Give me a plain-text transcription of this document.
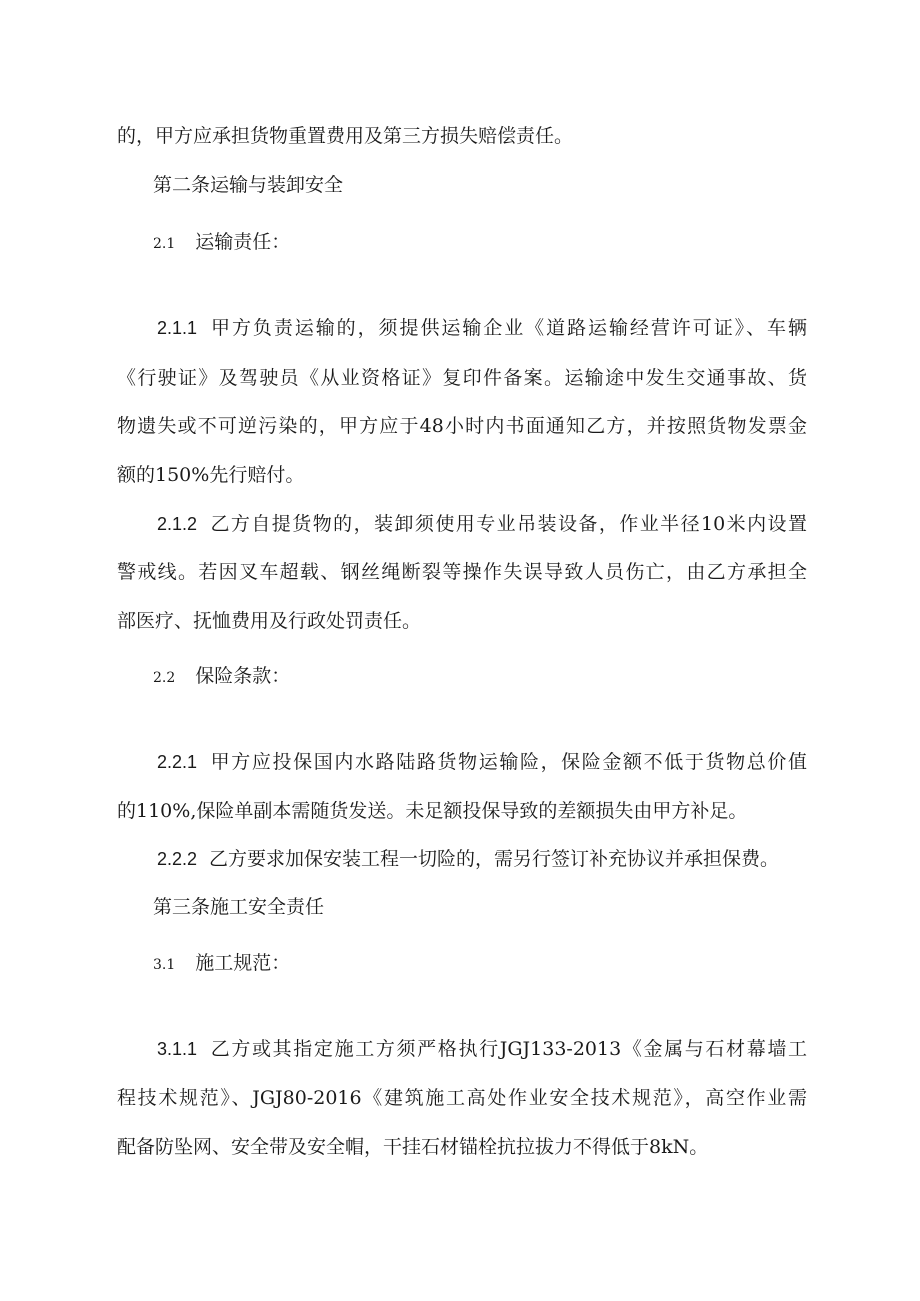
的，甲方应承担货物重置费用及第三方损失赔偿责任。
第二条运输与装卸安全
2.1 运输责任：
2.1.1 甲方负责运输的，须提供运输企业《道路运输经营许可证》、车辆
《行驶证》及驾驶员《从业资格证》复印件备案。运输途中发生交通事故、货
物遗失或不可逆污染的，甲方应于48小时内书面通知乙方，并按照货物发票金
额的150%先行赔付。
2.1.2 乙方自提货物的，装卸须使用专业吊装设备，作业半径10米内设置
警戒线。若因叉车超载、钢丝绳断裂等操作失误导致人员伤亡，由乙方承担全
部医疗、抚恤费用及行政处罚责任。
2.2 保险条款：
2.2.1 甲方应投保国内水路陆路货物运输险，保险金额不低于货物总价值
的110%,保险单副本需随货发送。未足额投保导致的差额损失由甲方补足。
2.2.2 乙方要求加保安装工程一切险的，需另行签订补充协议并承担保费。
第三条施工安全责任
3.1 施工规范：
3.1.1 乙方或其指定施工方须严格执行JGJ133-2013《金属与石材幕墙工
程技术规范》、JGJ80-2016《建筑施工高处作业安全技术规范》，高空作业需
配备防坠网、安全带及安全帽，干挂石材锚栓抗拉拔力不得低于8kN。
